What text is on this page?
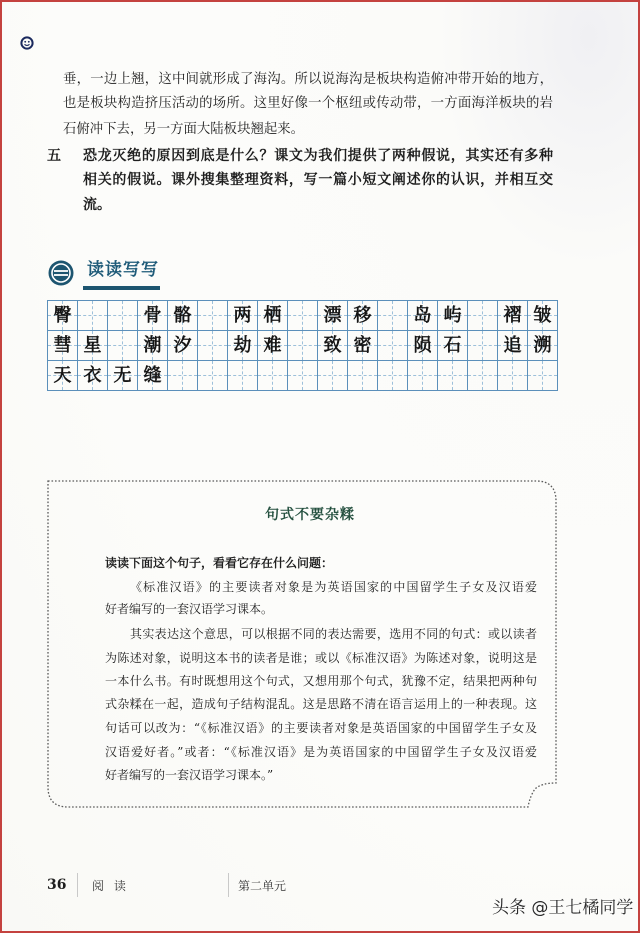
垂，一边上翘，这中间就形成了海沟。所以说海沟是板块构造俯冲带开始的地方，
也是板块构造挤压活动的场所。这里好像一个枢纽或传动带，一方面海洋板块的岩
石俯冲下去，另一方面大陆板块翘起来。
五	恐龙灭绝的原因到底是什么？课文为我们提供了两种假说，其实还有多种
相关的假说。课外搜集整理资料，写一篇小短文阐述你的认识，并相互交
流。
读读写写
臀	骨 骼	两 栖	漂 移	岛 屿	褶 皱
彗 星	潮 汐	劫 难	致 密	陨 石	追 溯
天 衣 无 缝
句式不要杂糅
读读下面这个句子，看看它存在什么问题：
《标准汉语》的主要读者对象是为英语国家的中国留学生子女及汉语爱
好者编写的一套汉语学习课本。
其实表达这个意思，可以根据不同的表达需要，选用不同的句式：或以读者
为陈述对象，说明这本书的读者是谁；或以《标准汉语》为陈述对象，说明这是
一本什么书。有时既想用这个句式，又想用那个句式，犹豫不定，结果把两种句
式杂糅在一起，造成句子结构混乱。这是思路不清在语言运用上的一种表现。这
句话可以改为：“《标准汉语》的主要读者对象是英语国家的中国留学生子女及
汉语爱好者。”或者：“《标准汉语》是为英语国家的中国留学生子女及汉语爱
好者编写的一套汉语学习课本。”
36 阅 读	第二单元
头条 @王七橘同学
